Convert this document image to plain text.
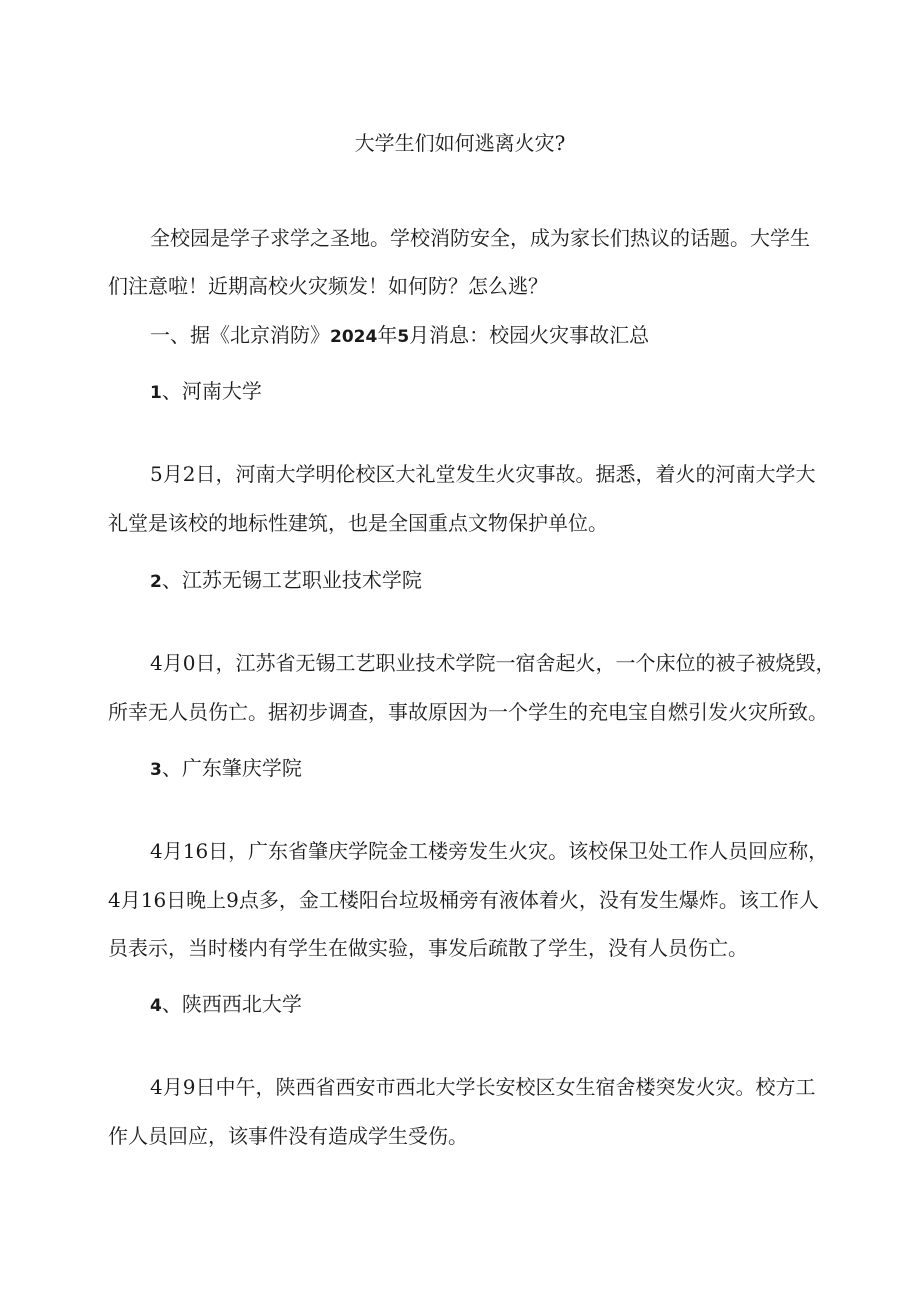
大学生们如何逃离火灾?

全校园是学子求学之圣地。学校消防安全，成为家长们热议的话题。大学生

们注意啦！近期高校火灾频发！如何防？怎么逃？

一、据《北京消防》2024年5月消息：校园火灾事故汇总

1、河南大学

5月2日，河南大学明伦校区大礼堂发生火灾事故。据悉，着火的河南大学大

礼堂是该校的地标性建筑，也是全国重点文物保护单位。

2、江苏无锡工艺职业技术学院

4月0日，江苏省无锡工艺职业技术学院一宿舍起火，一个床位的被子被烧毁，

所幸无人员伤亡。据初步调查，事故原因为一个学生的充电宝自燃引发火灾所致。

3、广东肇庆学院

4月16日，广东省肇庆学院金工楼旁发生火灾。该校保卫处工作人员回应称，

4月16日晚上9点多，金工楼阳台垃圾桶旁有液体着火，没有发生爆炸。该工作人

员表示，当时楼内有学生在做实验，事发后疏散了学生，没有人员伤亡。

4、陕西西北大学

4月9日中午，陕西省西安市西北大学长安校区女生宿舍楼突发火灾。校方工

作人员回应，该事件没有造成学生受伤。
